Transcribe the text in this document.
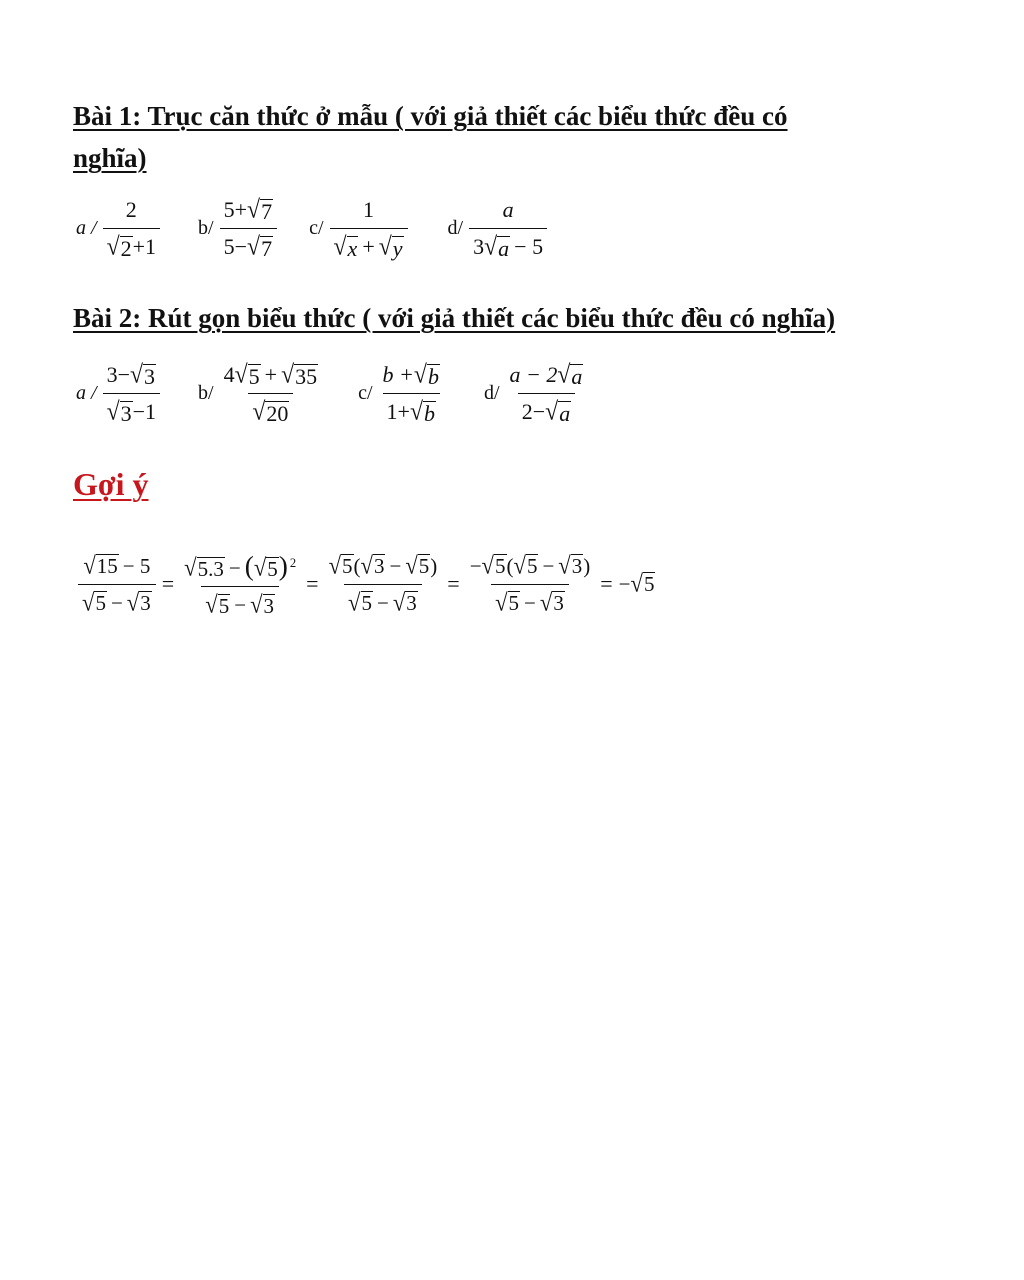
Bài 1: Trục căn thức ở mẫu ( với giả thiết các biểu thức đều có
nghĩa)
a / $\frac{2}{√ 2 +1} b/ \frac{5+ √ 7}{5- √ 7} c/ \frac{1}{√ x + √ y} d/ \frac{a}{3 √ a - 5}$
Bài 2: Rút gọn biểu thức ( với giả thiết các biểu thức đều có nghĩa)
a / $\frac{3- √ 3}{√ 3 -1} b/ \frac{4 √ 5 + √ 35}{√ 20} c/ \frac{b + √ b}{1+ √ b} d/ \frac{a - 2 √ a}{2- √ a}$
Gợi ý
$\frac{√ 15 - 5}{√ 5 - √ 3} = \frac{√ 5.3 - ( √ 5 ) ^2}{√ 5 - √ 3} = \frac{√ 5 ( √ 3 - √ 5 )}{√ 5 - √ 3} = \frac{- √ 5 ( √ 5 - √ 3 )}{√ 5 - √ 3}$ = − √ 5
